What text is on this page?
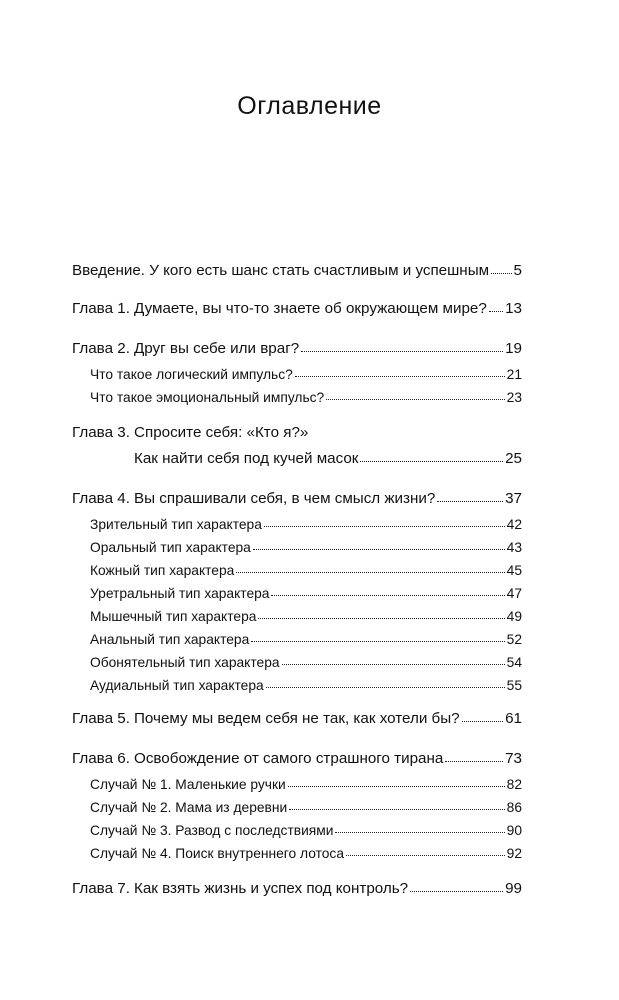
Оглавление
Введение. У кого есть шанс стать счастливым и успешным 5
Глава 1. Думаете, вы что-то знаете об окружающем мире? 13
Глава 2. Друг вы себе или враг?	19
Что такое логический импульс?	21
Что такое эмоциональный импульс?	23
Глава 3. Спросите себя: «Кто я?»
Как найти себя под кучей масок	25
Глава 4. Вы спрашивали себя, в чем смысл жизни?	37
Зрительный тип характера	42
Оральный тип характера	43
Кожный тип характера	45
Уретральный тип характера	47
Мышечный тип характера	49
Анальный тип характера	52
Обонятельный тип характера	54
Аудиальный тип характера	55
Глава 5. Почему мы ведем себя не так, как хотели бы?	61
Глава 6. Освобождение от самого страшного тирана	73
Случай № 1. Маленькие ручки	82
Случай № 2. Мама из деревни	86
Случай № 3. Развод с последствиями	90
Случай № 4. Поиск внутреннего лотоса	92
Глава 7. Как взять жизнь и успех под контроль?	99
